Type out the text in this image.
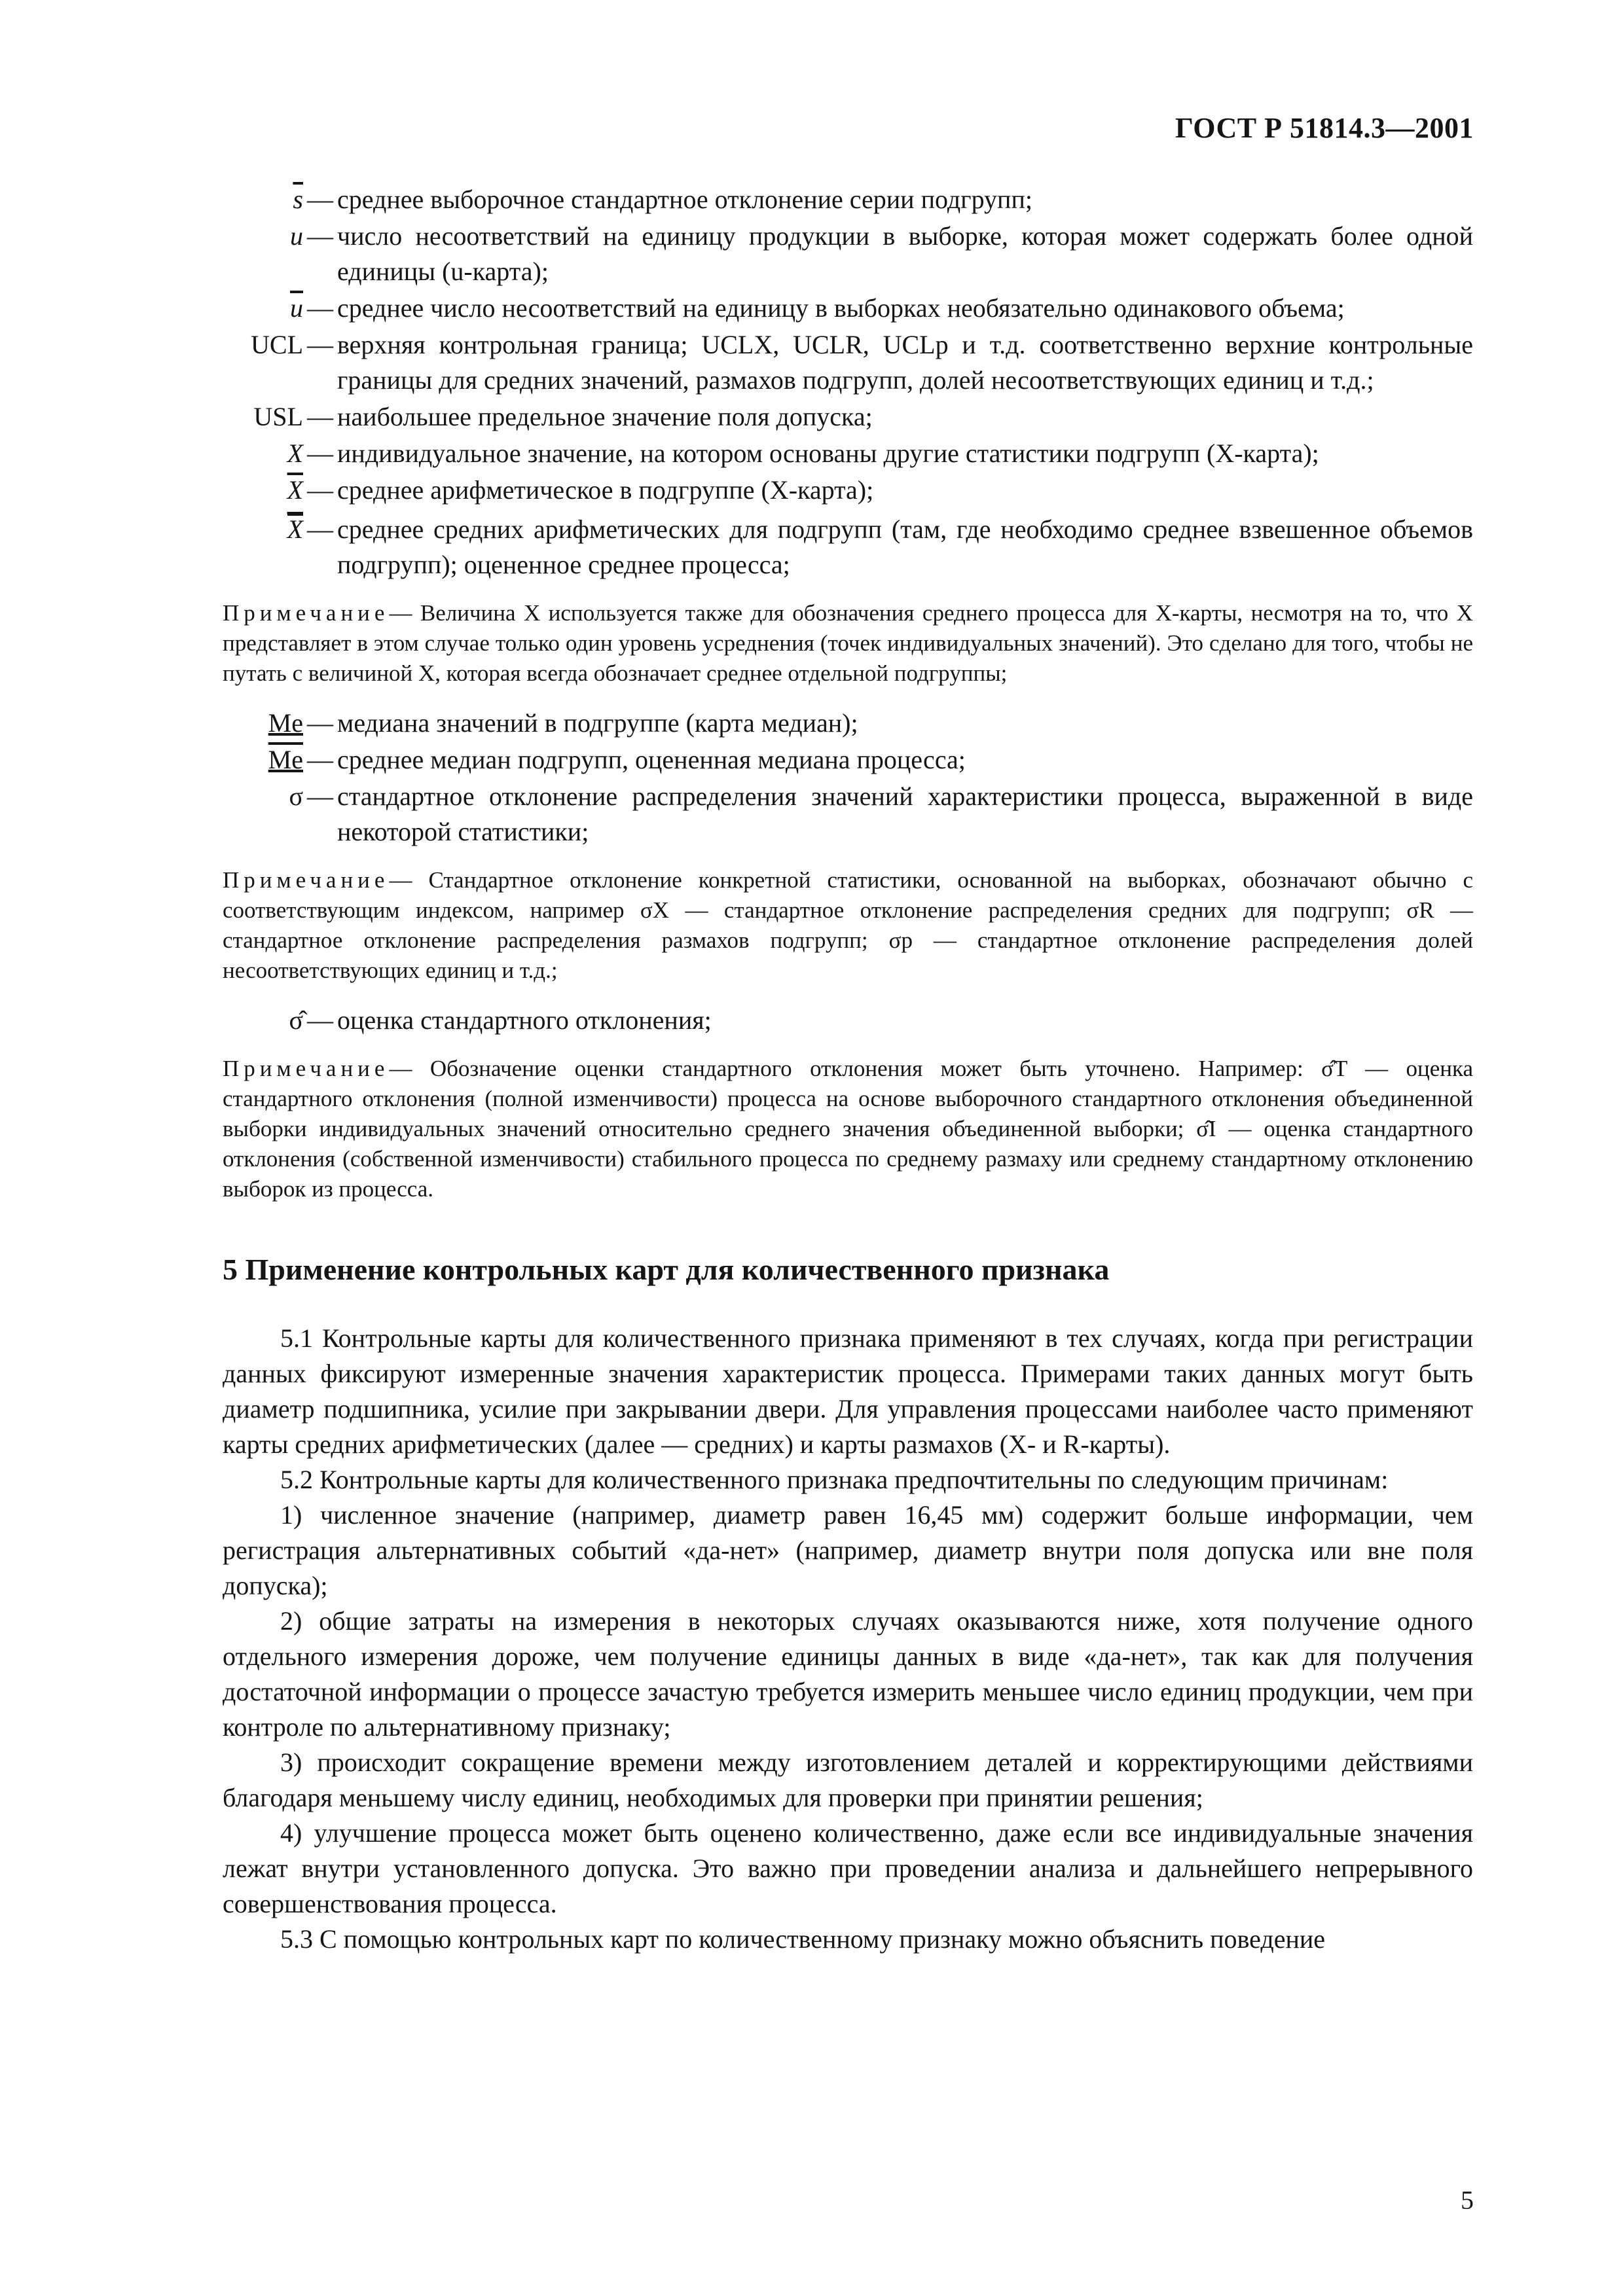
ГОСТ Р 51814.3—2001
$\overline{s}$ — среднее выборочное стандартное отклонение серии подгрупп;
u — число несоответствий на единицу продукции в выборке, которая может содержать более одной единицы (u-карта);
$\overline{u}$ — среднее число несоответствий на единицу в выборках необязательно одинакового объема;
UCL — верхняя контрольная граница; UCLX, UCLR, UCLp и т.д. соответственно верхние контрольные границы для средних значений, размахов подгрупп, долей несоответствующих единиц и т.д.;
USL — наибольшее предельное значение поля допуска;
X — индивидуальное значение, на котором основаны другие статистики подгрупп (X-карта);
$\overline{X}$ — среднее арифметическое в подгруппе (X-карта);
$\overline{X}$ — среднее средних арифметических для подгрупп (там, где необходимо среднее взвешенное объемов подгрупп); оцененное среднее процесса;
Примечание— Величина X используется также для обозначения среднего процесса для X-карты, несмотря на то, что X представляет в этом случае только один уровень усреднения (точек индивидуальных значений). Это сделано для того, чтобы не путать с величиной X, которая всегда обозначает среднее отдельной подгруппы;
Me — медиана значений в подгруппе (карта медиан);
Me — среднее медиан подгрупп, оцененная медиана процесса;
σ — стандартное отклонение распределения значений характеристики процесса, выраженной в виде некоторой статистики;
Примечание— Стандартное отклонение конкретной статистики, основанной на выборках, обозначают обычно с соответствующим индексом, например σX — стандартное отклонение распределения средних для подгрупп; σR — стандартное отклонение распределения размахов подгрупп; σp — стандартное отклонение распределения долей несоответствующих единиц и т.д.;
σ̂ — оценка стандартного отклонения;
Примечание— Обозначение оценки стандартного отклонения может быть уточнено. Например: σ̂T — оценка стандартного отклонения (полной изменчивости) процесса на основе выборочного стандартного отклонения объединенной выборки индивидуальных значений относительно среднего значения объединенной выборки; σ̂I — оценка стандартного отклонения (собственной изменчивости) стабильного процесса по среднему размаху или среднему стандартному отклонению выборок из процесса.
5 Применение контрольных карт для количественного признака

5.1 Контрольные карты для количественного признака применяют в тех случаях, когда при регистрации данных фиксируют измеренные значения характеристик процесса. Примерами таких данных могут быть диаметр подшипника, усилие при закрывании двери. Для управления процессами наиболее часто применяют карты средних арифметических (далее — средних) и карты размахов (X- и R-карты).

5.2 Контрольные карты для количественного признака предпочтительны по следующим причинам:

1) численное значение (например, диаметр равен 16,45 мм) содержит больше информации, чем регистрация альтернативных событий «да-нет» (например, диаметр внутри поля допуска или вне поля допуска);

2) общие затраты на измерения в некоторых случаях оказываются ниже, хотя получение одного отдельного измерения дороже, чем получение единицы данных в виде «да-нет», так как для получения достаточной информации о процессе зачастую требуется измерить меньшее число единиц продукции, чем при контроле по альтернативному признаку;

3) происходит сокращение времени между изготовлением деталей и корректирующими действиями благодаря меньшему числу единиц, необходимых для проверки при принятии решения;

4) улучшение процесса может быть оценено количественно, даже если все индивидуальные значения лежат внутри установленного допуска. Это важно при проведении анализа и дальнейшего непрерывного совершенствования процесса.

5.3 С помощью контрольных карт по количественному признаку можно объяснить поведение

5
